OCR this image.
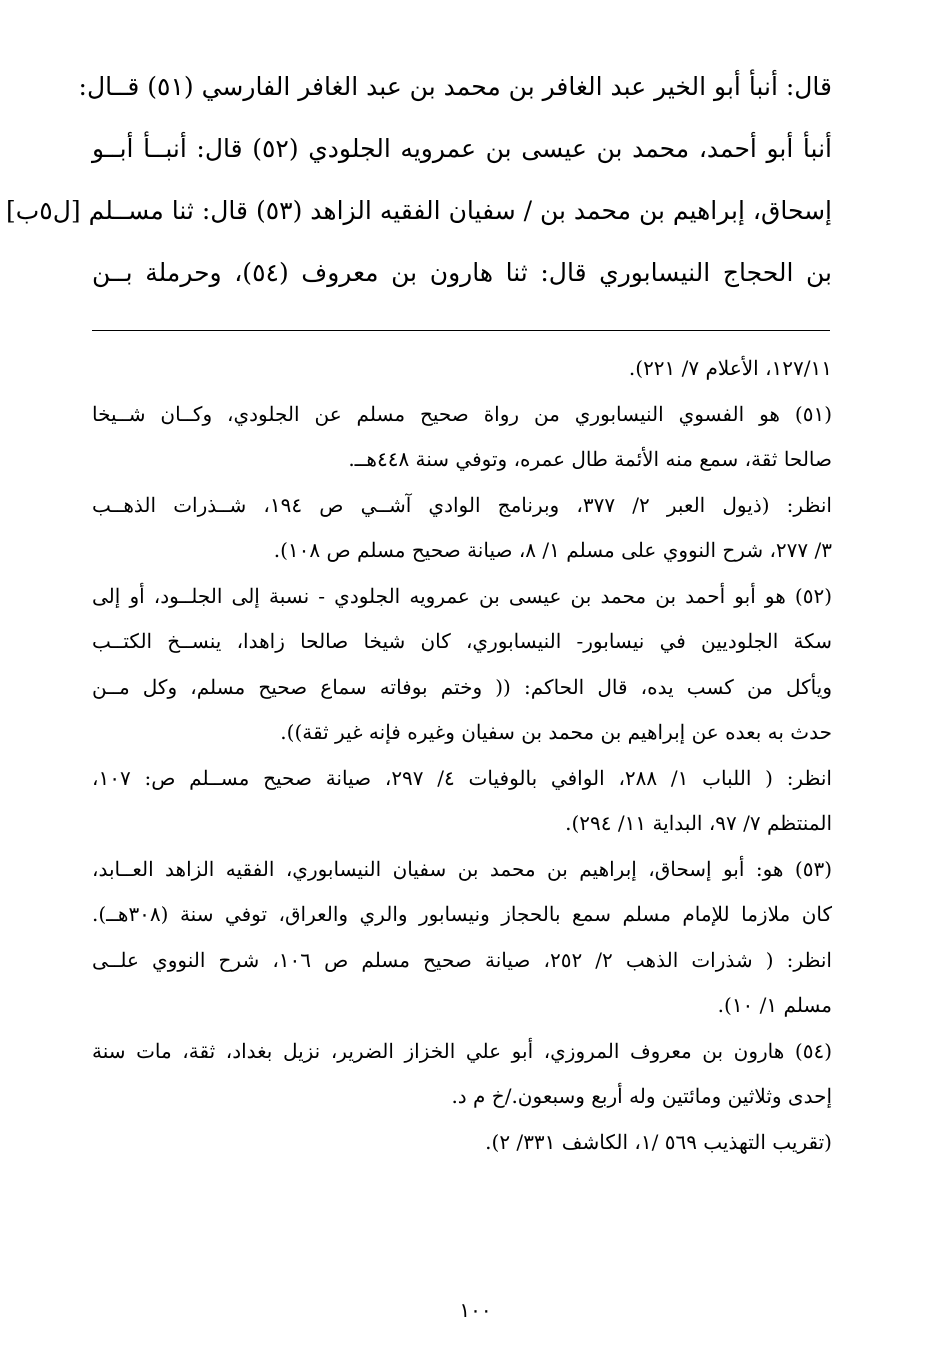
قال: أنبأ أبو الخير عبد الغافر بن محمد بن عبد الغافر الفارسي (٥١) قــال:
أنبأ أبو أحمد، محمد بن عيسى بن عمرويه الجلودي (٥٢) قال: أنبــأ أبــو
إسحاق، إبراهيم بن محمد بن / سفيان الفقيه الزاهد (٥٣) قال: ثنا مســلم [ل٥ب]
بن الحجاج النيسابوري قال: ثنا هارون بن معروف (٥٤)، وحرملة بــن
١٢٧/١١، الأعلام ٧/ ٢٢١).
(٥١) هو الفسوي النيسابوري من رواة صحيح مسلم عن الجلودي، وكــان شــيخا
صالحا ثقة، سمع منه الأئمة طال عمره، وتوفي سنة ٤٤٨هــ.
انظر: (ذيول العبر ٢/ ٣٧٧، وبرنامج الوادي آشــي ص ١٩٤، شــذرات الذهــب
٣/ ٢٧٧، شرح النووي على مسلم ١/ ٨، صيانة صحيح مسلم ص ١٠٨).
(٥٢) هو أبو أحمد بن محمد بن عيسى بن عمرويه الجلودي - نسبة إلى الجلــود، أو إلى
سكة الجلوديين في نيسابور- النيسابوري، كان شيخا صالحا زاهدا، ينســخ الكتــب
ويأكل من كسب يده، قال الحاكم: (( وختم بوفاته سماع صحيح مسلم، وكل مــن
حدث به بعده عن إبراهيم بن محمد بن سفيان وغيره فإنه غير ثقة)).
انظر: ( اللباب ١/ ٢٨٨، الوافي بالوفيات ٤/ ٢٩٧، صيانة صحيح مســلم ص: ١٠٧،
المنتظم ٧/ ٩٧، البداية ١١/ ٢٩٤).
(٥٣) هو: أبو إسحاق، إبراهيم بن محمد بن سفيان النيسابوري، الفقيه الزاهد العــابد،
كان ملازما للإمام مسلم سمع بالحجاز ونيسابور والري والعراق، توفي سنة (٣٠٨هــ).
انظر: ( شذرات الذهب ٢/ ٢٥٢، صيانة صحيح مسلم ص ١٠٦، شرح النووي علــى
مسلم ١/ ١٠).
(٥٤) هارون بن معروف المروزي، أبو علي الخزاز الضرير، نزيل بغداد، ثقة، مات سنة
إحدى وثلاثين ومائتين وله أربع وسبعون./خ م د.
(تقريب التهذيب ٥٦٩ /١، الكاشف ٣٣١/ ٢).
١٠٠
